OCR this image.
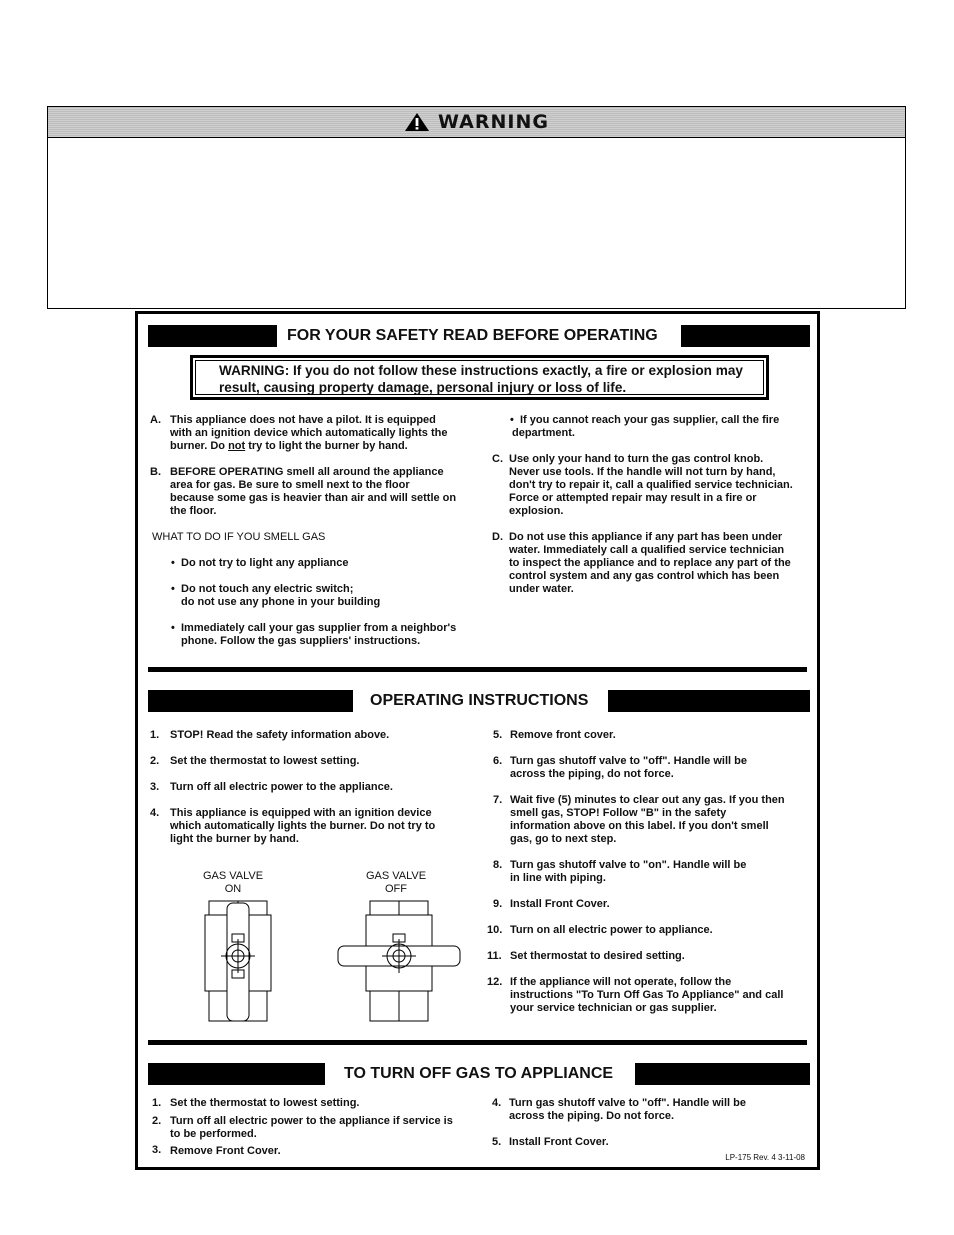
WARNING
FOR YOUR SAFETY READ BEFORE OPERATING
WARNING: If you do not follow these instructions exactly, a fire or explosion may
result, causing property damage, personal injury or loss of life.
A. This appliance does not have a pilot. It is equipped
with an ignition device which automatically lights the
burner. Do not try to light the burner by hand.
B. BEFORE OPERATING smell all around the appliance
area for gas. Be sure to smell next to the floor
because some gas is heavier than air and will settle on
the floor.
WHAT TO DO IF YOU SMELL GAS
• Do not try to light any appliance
• Do not touch any electric switch;
do not use any phone in your building
• Immediately call your gas supplier from a neighbor's
phone. Follow the gas suppliers' instructions.
• If you cannot reach your gas supplier, call the fire
department.
C. Use only your hand to turn the gas control knob.
Never use tools. If the handle will not turn by hand,
don't try to repair it, call a qualified service technician.
Force or attempted repair may result in a fire or
explosion.
D. Do not use this appliance if any part has been under
water. Immediately call a qualified service technician
to inspect the appliance and to replace any part of the
control system and any gas control which has been
under water.
OPERATING INSTRUCTIONS
1. STOP! Read the safety information above.
2. Set the thermostat to lowest setting.
3. Turn off all electric power to the appliance.
4. This appliance is equipped with an ignition device
which automatically lights the burner. Do not try to
light the burner by hand.
GAS VALVE
ON
GAS VALVE
OFF
5. Remove front cover.
6. Turn gas shutoff valve to "off". Handle will be
across the piping, do not force.
7. Wait five (5) minutes to clear out any gas. If you then
smell gas, STOP! Follow "B" in the safety
information above on this label. If you don't smell
gas, go to next step.
8. Turn gas shutoff valve to "on". Handle will be
in line with piping.
9. Install Front Cover.
10. Turn on all electric power to appliance.
11. Set thermostat to desired setting.
12. If the appliance will not operate, follow the
instructions "To Turn Off Gas To Appliance" and call
your service technician or gas supplier.
TO TURN OFF GAS TO APPLIANCE
1. Set the thermostat to lowest setting.
2. Turn off all electric power to the appliance if service is
to be performed.
3. Remove Front Cover.
4. Turn gas shutoff valve to "off". Handle will be
across the piping. Do not force.
5. Install Front Cover.
LP-175 Rev. 4 3-11-08
